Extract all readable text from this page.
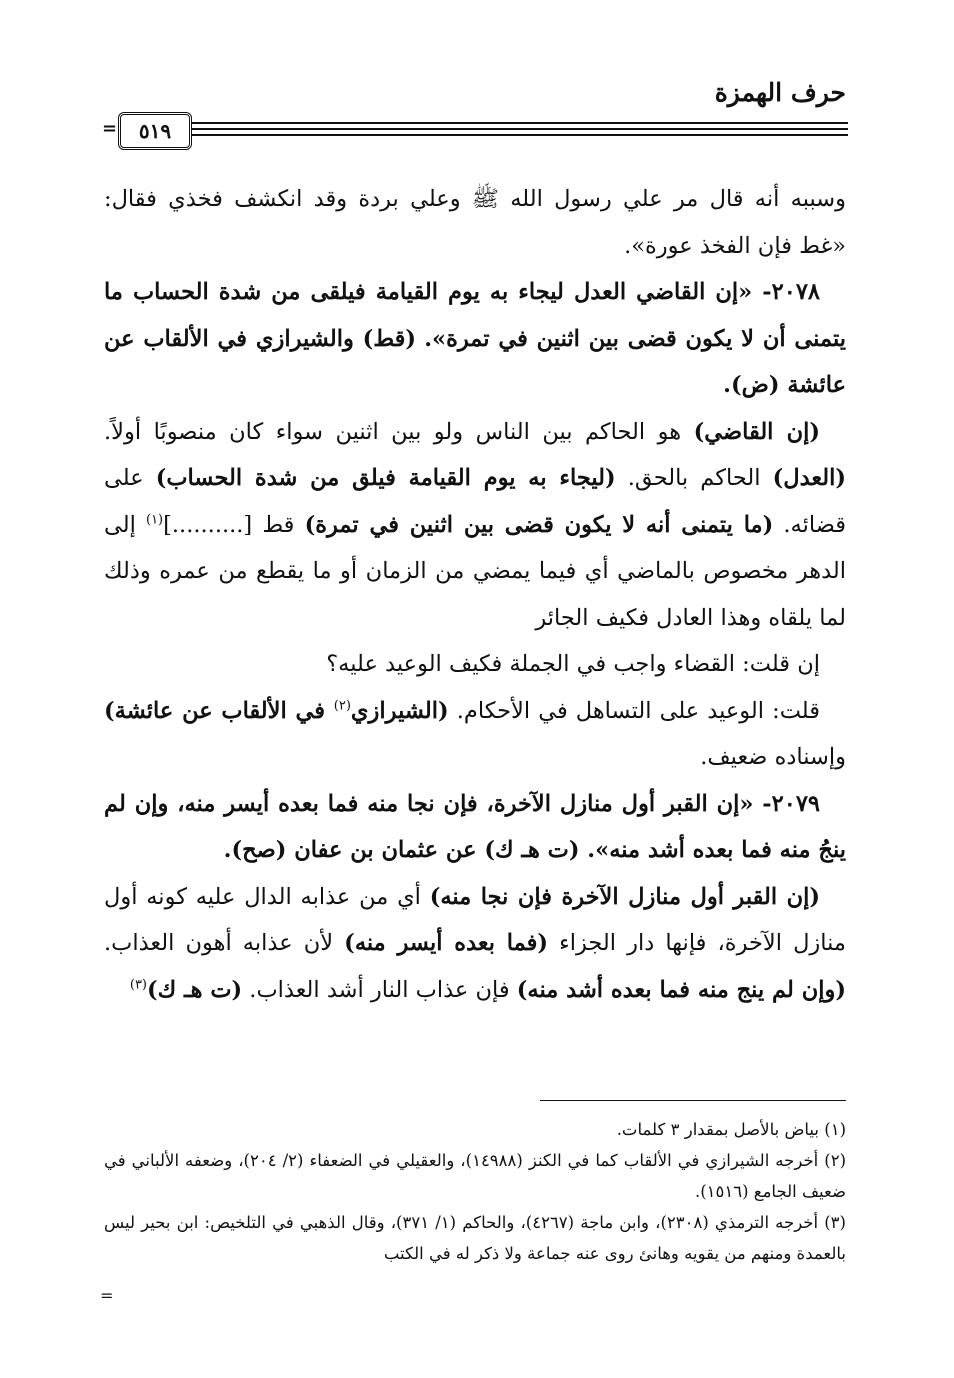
حرف الهمزة
=	٥١٩

وسببه أنه قال مر علي رسول الله ﷺ وعلي بردة وقد انكشف فخذي فقال: «غط فإن الفخذ عورة».

٢٠٧٨- «إن القاضي العدل ليجاء به يوم القيامة فيلقى من شدة الحساب ما يتمنى أن لا يكون قضى بين اثنين في تمرة». (قط) والشيرازي في الألقاب عن عائشة (ض).

(إن القاضي) هو الحاكم بين الناس ولو بين اثنين سواء كان منصوبًا أولاً. (العدل) الحاكم بالحق. (ليجاء به يوم القيامة فيلق من شدة الحساب) على قضائه. (ما يتمنى أنه لا يكون قضى بين اثنين في تمرة) قط [..........]$^{(١)}$ إلى الدهر مخصوص بالماضي أي فيما يمضي من الزمان أو ما يقطع من عمره وذلك لما يلقاه وهذا العادل فكيف الجائر

إن قلت: القضاء واجب في الجملة فكيف الوعيد عليه؟

قلت: الوعيد على التساهل في الأحكام. (الشيرازي$^{(٢)}$ في الألقاب عن عائشة) وإسناده ضعيف.

٢٠٧٩- «إن القبر أول منازل الآخرة، فإن نجا منه فما بعده أيسر منه، وإن لم ينجُ منه فما بعده أشد منه». (ت هـ ك) عن عثمان بن عفان (صح).

(إن القبر أول منازل الآخرة فإن نجا منه) أي من عذابه الدال عليه كونه أول منازل الآخرة، فإنها دار الجزاء (فما بعده أيسر منه) لأن عذابه أهون العذاب. (وإن لم ينج منه فما بعده أشد منه) فإن عذاب النار أشد العذاب. (ت هـ ك)$^{(٣)}$

(١) بياض بالأصل بمقدار ٣ كلمات.

(٢) أخرجه الشيرازي في الألقاب كما في الكنز (١٤٩٨٨)، والعقيلي في الضعفاء (٢/ ٢٠٤)، وضعفه الألباني في ضعيف الجامع (١٥١٦).

(٣) أخرجه الترمذي (٢٣٠٨)، وابن ماجة (٤٢٦٧)، والحاكم (١/ ٣٧١)، وقال الذهبي في التلخيص: ابن بحير ليس بالعمدة ومنهم من يقويه وهانئ روى عنه جماعة ولا ذكر له في الكتب

=
